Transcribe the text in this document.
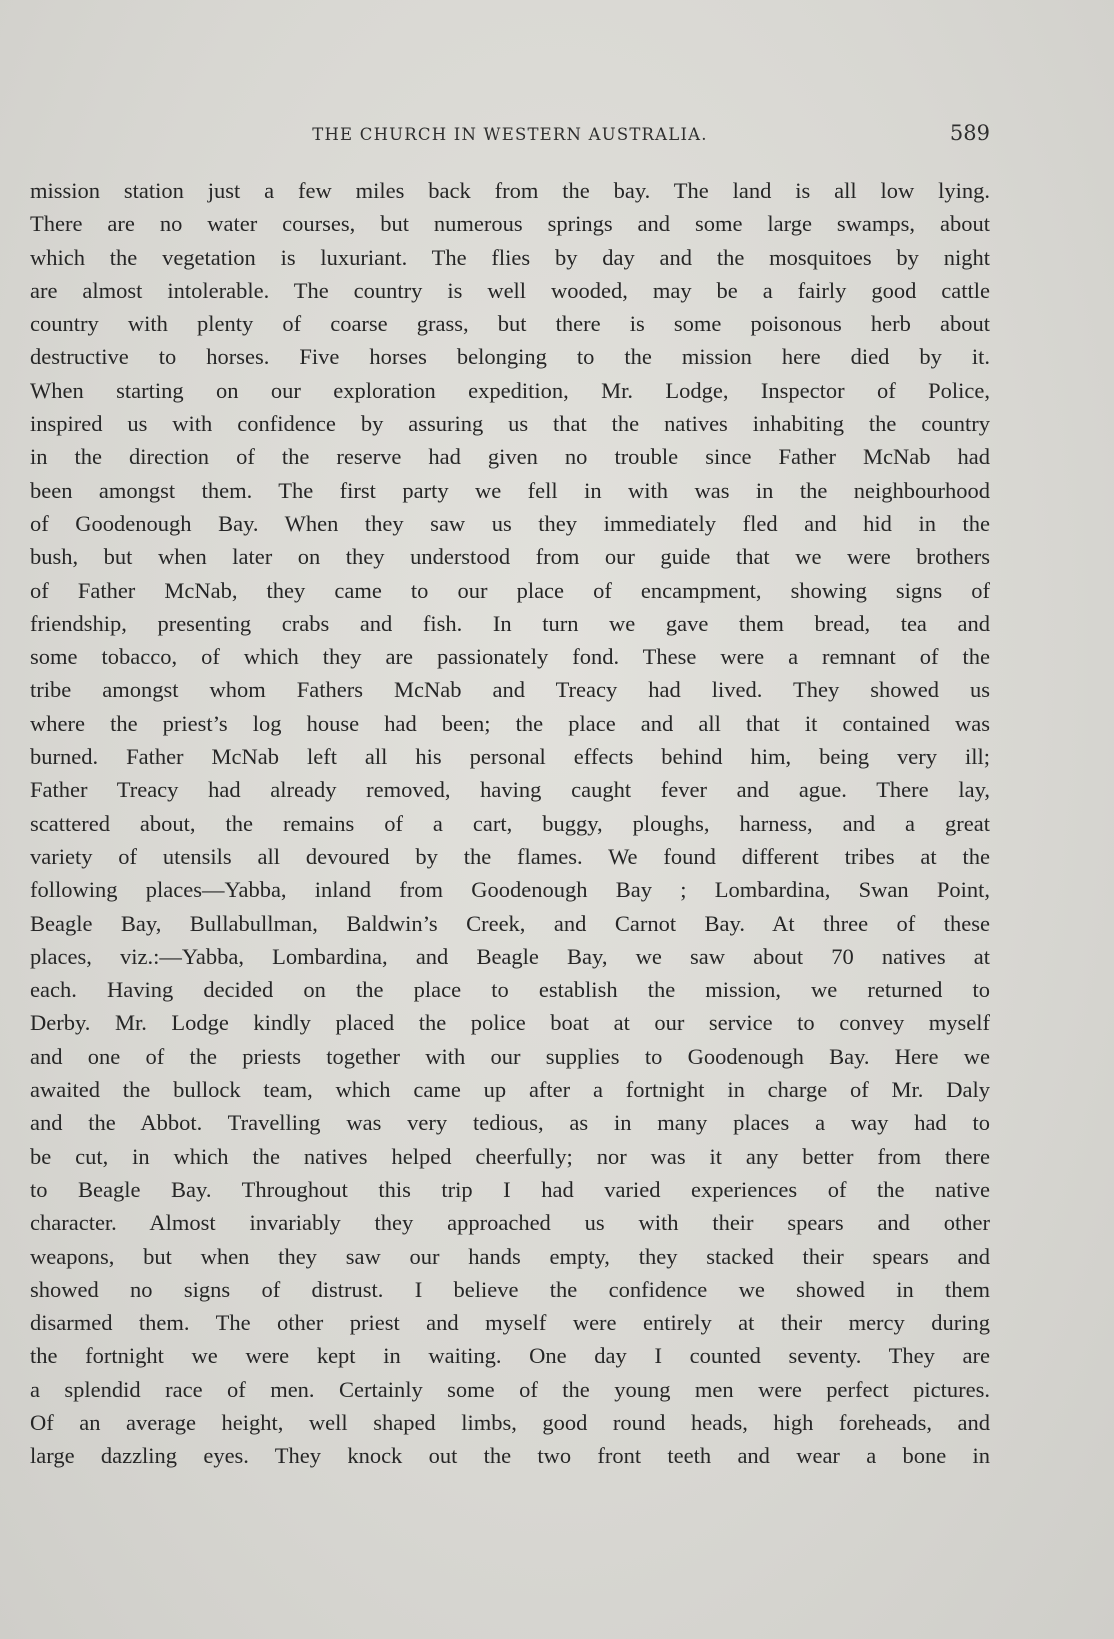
THE CHURCH IN WESTERN AUSTRALIA.	589
mission station just a few miles back from the bay. The land is all low lying.
There are no water courses, but numerous springs and some large swamps, about
which the vegetation is luxuriant. The flies by day and the mosquitoes by night
are almost intolerable. The country is well wooded, may be a fairly good cattle
country with plenty of coarse grass, but there is some poisonous herb about
destructive to horses. Five horses belonging to the mission here died by it.
When starting on our exploration expedition, Mr. Lodge, Inspector of Police,
inspired us with confidence by assuring us that the natives inhabiting the country
in the direction of the reserve had given no trouble since Father McNab had
been amongst them. The first party we fell in with was in the neighbourhood
of Goodenough Bay. When they saw us they immediately fled and hid in the
bush, but when later on they understood from our guide that we were brothers
of Father McNab, they came to our place of encampment, showing signs of
friendship, presenting crabs and fish. In turn we gave them bread, tea and
some tobacco, of which they are passionately fond. These were a remnant of the
tribe amongst whom Fathers McNab and Treacy had lived. They showed us
where the priest’s log house had been; the place and all that it contained was
burned. Father McNab left all his personal effects behind him, being very ill;
Father Treacy had already removed, having caught fever and ague. There lay,
scattered about, the remains of a cart, buggy, ploughs, harness, and a great
variety of utensils all devoured by the flames. We found different tribes at the
following places—Yabba, inland from Goodenough Bay ; Lombardina, Swan Point,
Beagle Bay, Bullabullman, Baldwin’s Creek, and Carnot Bay. At three of these
places, viz.:—Yabba, Lombardina, and Beagle Bay, we saw about 70 natives at
each. Having decided on the place to establish the mission, we returned to
Derby. Mr. Lodge kindly placed the police boat at our service to convey myself
and one of the priests together with our supplies to Goodenough Bay. Here we
awaited the bullock team, which came up after a fortnight in charge of Mr. Daly
and the Abbot. Travelling was very tedious, as in many places a way had to
be cut, in which the natives helped cheerfully; nor was it any better from there
to Beagle Bay. Throughout this trip I had varied experiences of the native
character. Almost invariably they approached us with their spears and other
weapons, but when they saw our hands empty, they stacked their spears and
showed no signs of distrust. I believe the confidence we showed in them
disarmed them. The other priest and myself were entirely at their mercy during
the fortnight we were kept in waiting. One day I counted seventy. They are
a splendid race of men. Certainly some of the young men were perfect pictures.
Of an average height, well shaped limbs, good round heads, high foreheads, and
large dazzling eyes. They knock out the two front teeth and wear a bone in
